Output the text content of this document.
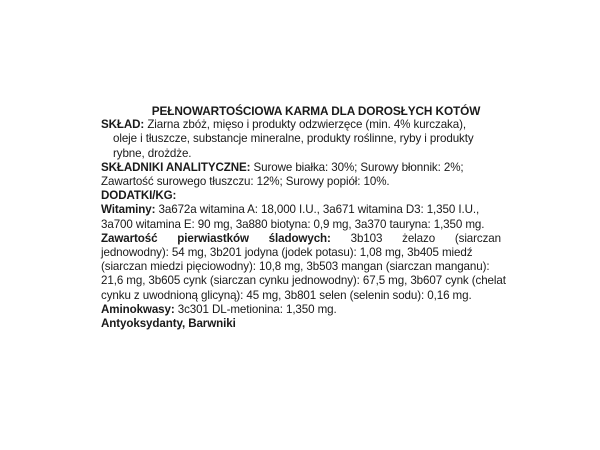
PEŁNOWARTOŚCIOWA KARMA DLA DOROSŁYCH KOTÓW
SKŁAD: Ziarna zbóż, mięso i produkty odzwierzęce (min. 4% kurczaka),
oleje i tłuszcze, substancje mineralne, produkty roślinne, ryby i produkty
rybne, drożdże.
SKŁADNIKI ANALITYCZNE: Surowe białka: 30%; Surowy błonnik: 2%;
Zawartość surowego tłuszczu: 12%; Surowy popiół: 10%.
DODATKI/KG:
Witaminy: 3a672a witamina A: 18,000 I.U., 3a671 witamina D3: 1,350 I.U.,
3a700 witamina E: 90 mg, 3a880 biotyna: 0,9 mg, 3a370 tauryna: 1,350 mg.
Zawartość pierwiastków śladowych: 3b103 żelazo (siarczan
jednowodny): 54 mg, 3b201 jodyna (jodek potasu): 1,08 mg, 3b405 miedź
(siarczan miedzi pięciowodny): 10,8 mg, 3b503 mangan (siarczan manganu):
21,6 mg, 3b605 cynk (siarczan cynku jednowodny): 67,5 mg, 3b607 cynk (chelat
cynku z uwodnioną glicyną): 45 mg, 3b801 selen (selenin sodu): 0,16 mg.
Aminokwasy: 3c301 DL-metionina: 1,350 mg.
Antyoksydanty, Barwniki
